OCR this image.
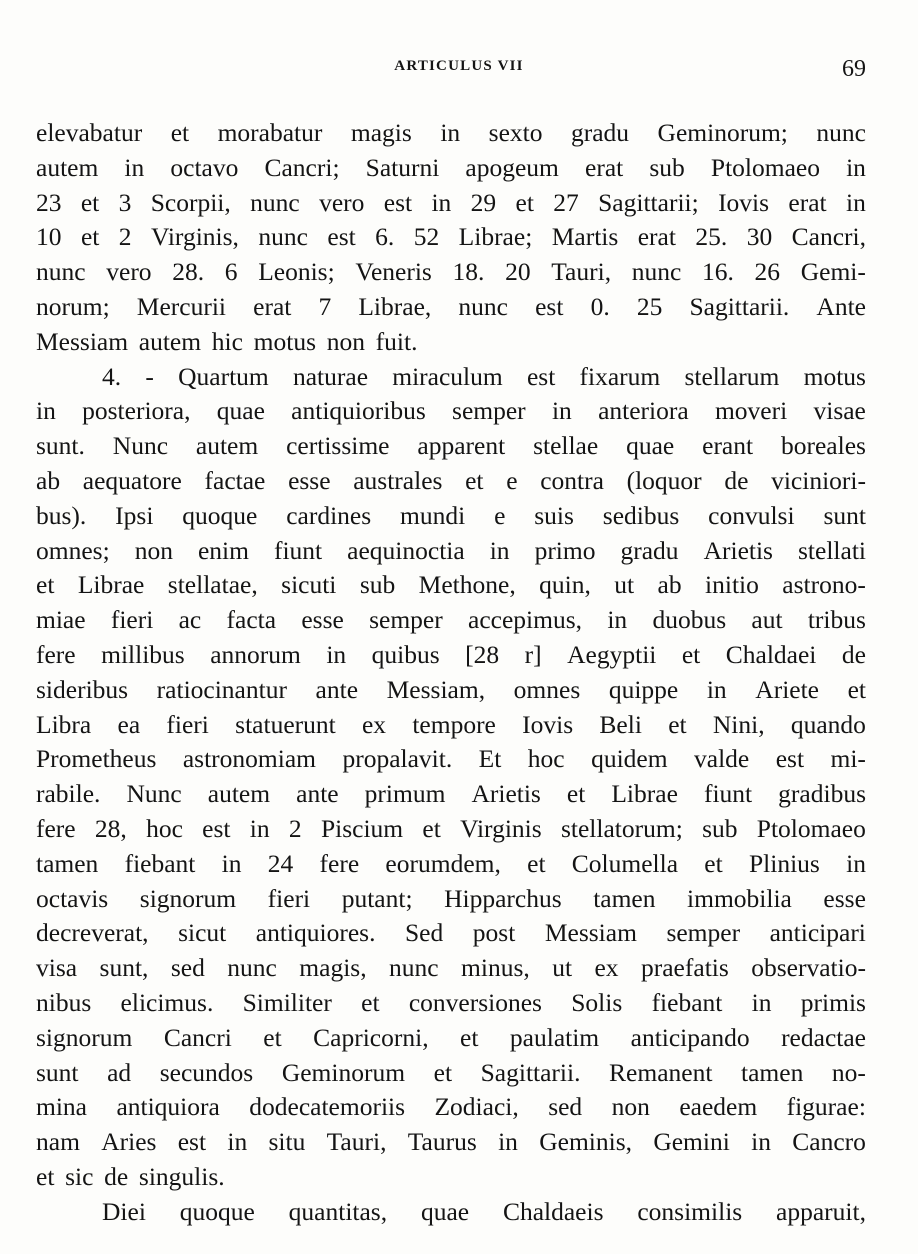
ARTICULUS VII	69
elevabatur et morabatur magis in sexto gradu Geminorum; nunc
autem in octavo Cancri; Saturni apogeum erat sub Ptolomaeo in
23 et 3 Scorpii, nunc vero est in 29 et 27 Sagittarii; Iovis erat in
10 et 2 Virginis, nunc est 6. 52 Librae; Martis erat 25. 30 Cancri,
nunc vero 28. 6 Leonis; Veneris 18. 20 Tauri, nunc 16. 26 Gemi-
norum; Mercurii erat 7 Librae, nunc est 0. 25 Sagittarii. Ante
Messiam autem hic motus non fuit.
4. - Quartum naturae miraculum est fixarum stellarum motus
in posteriora, quae antiquioribus semper in anteriora moveri visae
sunt. Nunc autem certissime apparent stellae quae erant boreales
ab aequatore factae esse australes et e contra (loquor de viciniori-
bus). Ipsi quoque cardines mundi e suis sedibus convulsi sunt
omnes; non enim fiunt aequinoctia in primo gradu Arietis stellati
et Librae stellatae, sicuti sub Methone, quin, ut ab initio astrono-
miae fieri ac facta esse semper accepimus, in duobus aut tribus
fere millibus annorum in quibus [28 r] Aegyptii et Chaldaei de
sideribus ratiocinantur ante Messiam, omnes quippe in Ariete et
Libra ea fieri statuerunt ex tempore Iovis Beli et Nini, quando
Prometheus astronomiam propalavit. Et hoc quidem valde est mi-
rabile. Nunc autem ante primum Arietis et Librae fiunt gradibus
fere 28, hoc est in 2 Piscium et Virginis stellatorum; sub Ptolomaeo
tamen fiebant in 24 fere eorumdem, et Columella et Plinius in
octavis signorum fieri putant; Hipparchus tamen immobilia esse
decreverat, sicut antiquiores. Sed post Messiam semper anticipari
visa sunt, sed nunc magis, nunc minus, ut ex praefatis observatio-
nibus elicimus. Similiter et conversiones Solis fiebant in primis
signorum Cancri et Capricorni, et paulatim anticipando redactae
sunt ad secundos Geminorum et Sagittarii. Remanent tamen no-
mina antiquiora dodecatemoriis Zodiaci, sed non eaedem figurae:
nam Aries est in situ Tauri, Taurus in Geminis, Gemini in Cancro
et sic de singulis.
Diei quoque quantitas, quae Chaldaeis consimilis apparuit,
